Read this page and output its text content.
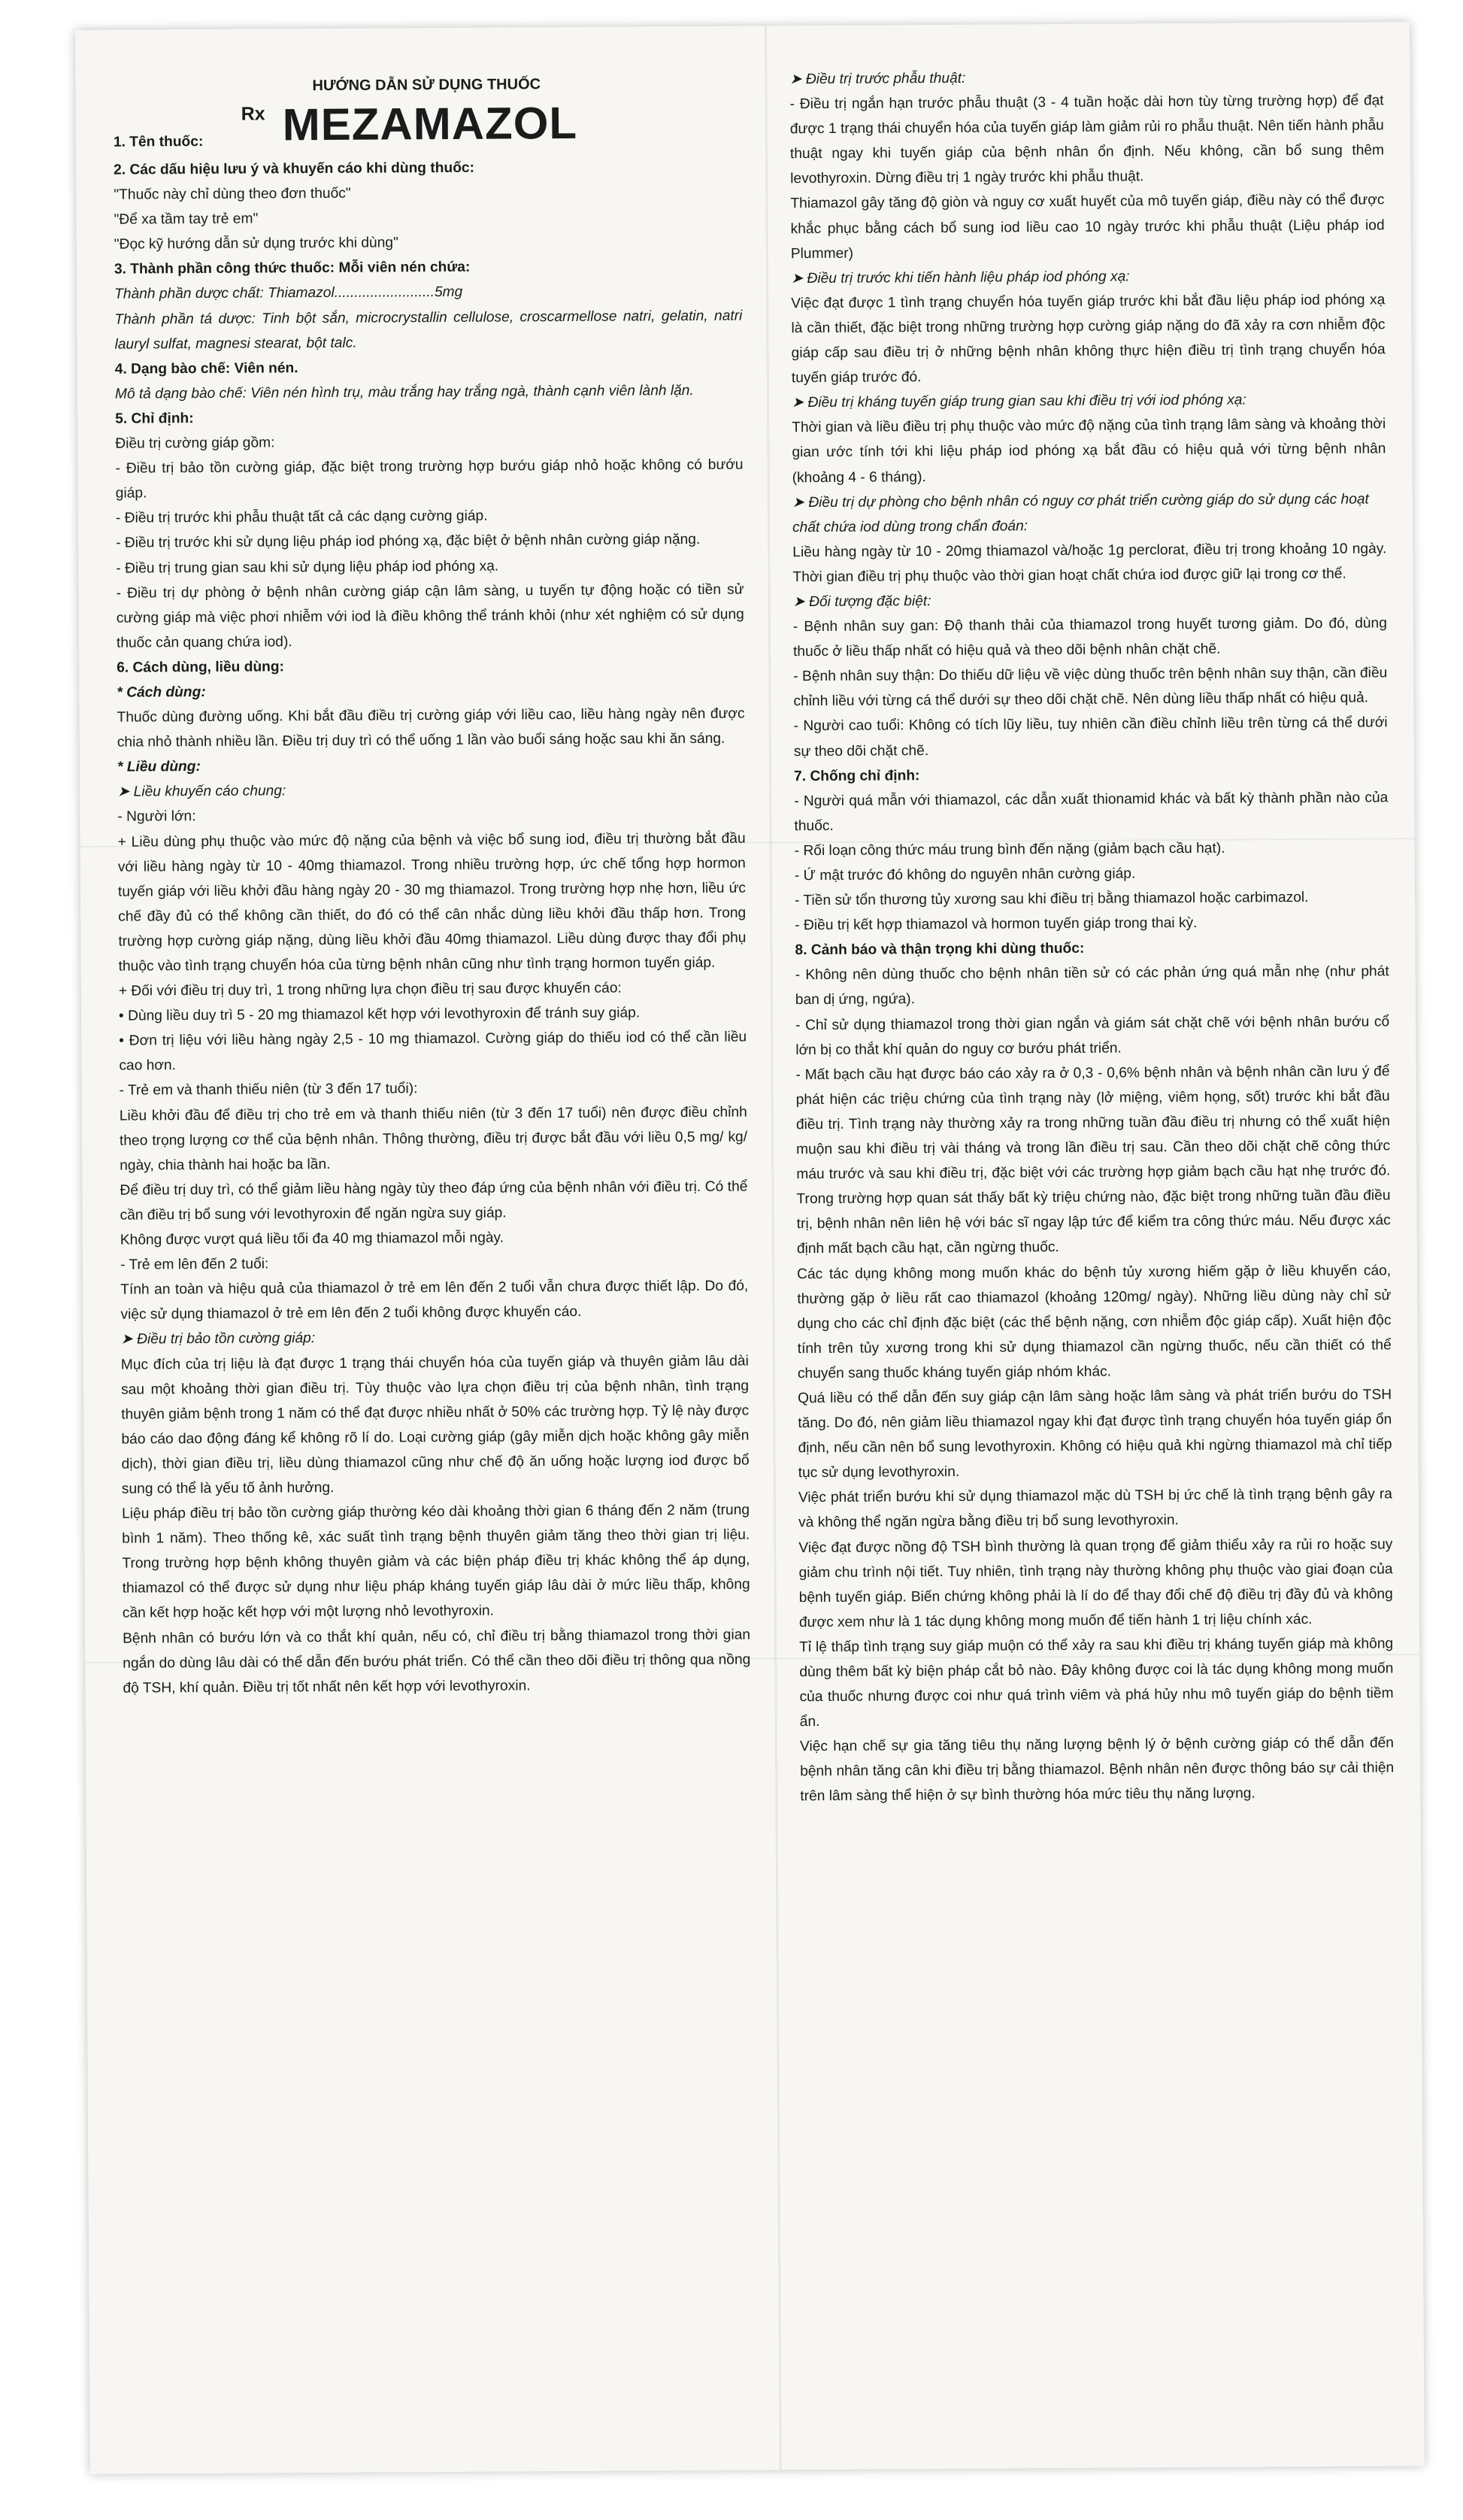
HƯỚNG DẪN SỬ DỤNG THUỐC
Rx
1. Tên thuốc: MEZAMAZOL
2. Các dấu hiệu lưu ý và khuyến cáo khi dùng thuốc:
"Thuốc này chỉ dùng theo đơn thuốc"
"Để xa tầm tay trẻ em"
"Đọc kỹ hướng dẫn sử dụng trước khi dùng"
3. Thành phần công thức thuốc: Mỗi viên nén chứa:
Thành phần dược chất: Thiamazol.........................5mg

Thành phần tá dược: Tinh bột sắn, microcrystallin cellulose, croscarmellose natri, gelatin, natri lauryl sulfat, magnesi stearat, bột talc.

4. Dạng bào chế: Viên nén.

Mô tả dạng bào chế: Viên nén hình trụ, màu trắng hay trắng ngà, thành cạnh viên lành lặn.

5. Chỉ định:
Điều trị cường giáp gồm:

- Điều trị bảo tồn cường giáp, đặc biệt trong trường hợp bướu giáp nhỏ hoặc không có bướu giáp.

- Điều trị trước khi phẫu thuật tất cả các dạng cường giáp.

- Điều trị trước khi sử dụng liệu pháp iod phóng xạ, đặc biệt ở bệnh nhân cường giáp nặng.

- Điều trị trung gian sau khi sử dụng liệu pháp iod phóng xạ.

- Điều trị dự phòng ở bệnh nhân cường giáp cận lâm sàng, u tuyến tự động hoặc có tiền sử cường giáp mà việc phơi nhiễm với iod là điều không thể tránh khỏi (như xét nghiệm có sử dụng thuốc cản quang chứa iod).

6. Cách dùng, liều dùng:
* Cách dùng:

Thuốc dùng đường uống. Khi bắt đầu điều trị cường giáp với liều cao, liều hàng ngày nên được chia nhỏ thành nhiều lần. Điều trị duy trì có thể uống 1 lần vào buổi sáng hoặc sau khi ăn sáng.

* Liều dùng:
➤ Liều khuyến cáo chung:
- Người lớn:

+ Liều dùng phụ thuộc vào mức độ nặng của bệnh và việc bổ sung iod, điều trị thường bắt đầu với liều hàng ngày từ 10 - 40mg thiamazol. Trong nhiều trường hợp, ức chế tổng hợp hormon tuyến giáp với liều khởi đầu hàng ngày 20 - 30 mg thiamazol. Trong trường hợp nhẹ hơn, liều ức chế đầy đủ có thể không cần thiết, do đó có thể cân nhắc dùng liều khởi đầu thấp hơn. Trong trường hợp cường giáp nặng, dùng liều khởi đầu 40mg thiamazol. Liều dùng được thay đổi phụ thuộc vào tình trạng chuyển hóa của từng bệnh nhân cũng như tình trạng hormon tuyến giáp.

+ Đối với điều trị duy trì, 1 trong những lựa chọn điều trị sau được khuyến cáo:

• Dùng liều duy trì 5 - 20 mg thiamazol kết hợp với levothyroxin để tránh suy giáp.

• Đơn trị liệu với liều hàng ngày 2,5 - 10 mg thiamazol. Cường giáp do thiếu iod có thể cần liều cao hơn.

- Trẻ em và thanh thiếu niên (từ 3 đến 17 tuổi):

Liều khởi đầu để điều trị cho trẻ em và thanh thiếu niên (từ 3 đến 17 tuổi) nên được điều chỉnh theo trọng lượng cơ thể của bệnh nhân. Thông thường, điều trị được bắt đầu với liều 0,5 mg/ kg/ ngày, chia thành hai hoặc ba lần.

Để điều trị duy trì, có thể giảm liều hàng ngày tùy theo đáp ứng của bệnh nhân với điều trị. Có thể cần điều trị bổ sung với levothyroxin để ngăn ngừa suy giáp.

Không được vượt quá liều tối đa 40 mg thiamazol mỗi ngày.
- Trẻ em lên đến 2 tuổi:

Tính an toàn và hiệu quả của thiamazol ở trẻ em lên đến 2 tuổi vẫn chưa được thiết lập. Do đó, việc sử dụng thiamazol ở trẻ em lên đến 2 tuổi không được khuyến cáo.

➤ Điều trị bảo tồn cường giáp:

Mục đích của trị liệu là đạt được 1 trạng thái chuyển hóa của tuyến giáp và thuyên giảm lâu dài sau một khoảng thời gian điều trị. Tùy thuộc vào lựa chọn điều trị của bệnh nhân, tình trạng thuyên giảm bệnh trong 1 năm có thể đạt được nhiều nhất ở 50% các trường hợp. Tỷ lệ này được báo cáo dao động đáng kể không rõ lí do. Loại cường giáp (gây miễn dịch hoặc không gây miễn dịch), thời gian điều trị, liều dùng thiamazol cũng như chế độ ăn uống hoặc lượng iod được bổ sung có thể là yếu tố ảnh hưởng.

Liệu pháp điều trị bảo tồn cường giáp thường kéo dài khoảng thời gian 6 tháng đến 2 năm (trung bình 1 năm). Theo thống kê, xác suất tình trạng bệnh thuyên giảm tăng theo thời gian trị liệu. Trong trường hợp bệnh không thuyên giảm và các biện pháp điều trị khác không thể áp dụng, thiamazol có thể được sử dụng như liệu pháp kháng tuyến giáp lâu dài ở mức liều thấp, không cần kết hợp hoặc kết hợp với một lượng nhỏ levothyroxin.

Bệnh nhân có bướu lớn và co thắt khí quản, nếu có, chỉ điều trị bằng thiamazol trong thời gian ngắn do dùng lâu dài có thể dẫn đến bướu phát triển. Có thể cần theo dõi điều trị thông qua nồng độ TSH, khí quản. Điều trị tốt nhất nên kết hợp với levothyroxin.

➤ Điều trị trước phẫu thuật:

- Điều trị ngắn hạn trước phẫu thuật (3 - 4 tuần hoặc dài hơn tùy từng trường hợp) để đạt được 1 trạng thái chuyển hóa của tuyến giáp làm giảm rủi ro phẫu thuật. Nên tiến hành phẫu thuật ngay khi tuyến giáp của bệnh nhân ổn định. Nếu không, cần bổ sung thêm levothyroxin. Dừng điều trị 1 ngày trước khi phẫu thuật.

Thiamazol gây tăng độ giòn và nguy cơ xuất huyết của mô tuyến giáp, điều này có thể được khắc phục bằng cách bổ sung iod liều cao 10 ngày trước khi phẫu thuật (Liệu pháp iod Plummer)

➤ Điều trị trước khi tiến hành liệu pháp iod phóng xạ:

Việc đạt được 1 tình trạng chuyển hóa tuyến giáp trước khi bắt đầu liệu pháp iod phóng xạ là cần thiết, đặc biệt trong những trường hợp cường giáp nặng do đã xảy ra cơn nhiễm độc giáp cấp sau điều trị ở những bệnh nhân không thực hiện điều trị tình trạng chuyển hóa tuyến giáp trước đó.

➤ Điều trị kháng tuyến giáp trung gian sau khi điều trị với iod phóng xạ:

Thời gian và liều điều trị phụ thuộc vào mức độ nặng của tình trạng lâm sàng và khoảng thời gian ước tính tới khi liệu pháp iod phóng xạ bắt đầu có hiệu quả với từng bệnh nhân (khoảng 4 - 6 tháng).

➤ Điều trị dự phòng cho bệnh nhân có nguy cơ phát triển cường giáp do sử dụng các hoạt chất chứa iod dùng trong chẩn đoán:

Liều hàng ngày từ 10 - 20mg thiamazol và/hoặc 1g perclorat, điều trị trong khoảng 10 ngày. Thời gian điều trị phụ thuộc vào thời gian hoạt chất chứa iod được giữ lại trong cơ thể.

➤ Đối tượng đặc biệt:

- Bệnh nhân suy gan: Độ thanh thải của thiamazol trong huyết tương giảm. Do đó, dùng thuốc ở liều thấp nhất có hiệu quả và theo dõi bệnh nhân chặt chẽ.

- Bệnh nhân suy thận: Do thiếu dữ liệu về việc dùng thuốc trên bệnh nhân suy thận, cần điều chỉnh liều với từng cá thể dưới sự theo dõi chặt chẽ. Nên dùng liều thấp nhất có hiệu quả.

- Người cao tuổi: Không có tích lũy liều, tuy nhiên cần điều chỉnh liều trên từng cá thể dưới sự theo dõi chặt chẽ.

7. Chống chỉ định:

- Người quá mẫn với thiamazol, các dẫn xuất thionamid khác và bất kỳ thành phần nào của thuốc.

- Rối loạn công thức máu trung bình đến nặng (giảm bạch cầu hạt).
- Ứ mật trước đó không do nguyên nhân cường giáp.

- Tiền sử tổn thương tủy xương sau khi điều trị bằng thiamazol hoặc carbimazol.

- Điều trị kết hợp thiamazol và hormon tuyến giáp trong thai kỳ.
8. Cảnh báo và thận trọng khi dùng thuốc:

- Không nên dùng thuốc cho bệnh nhân tiền sử có các phản ứng quá mẫn nhẹ (như phát ban dị ứng, ngứa).

- Chỉ sử dụng thiamazol trong thời gian ngắn và giám sát chặt chẽ với bệnh nhân bướu cổ lớn bị co thắt khí quản do nguy cơ bướu phát triển.

- Mất bạch cầu hạt được báo cáo xảy ra ở 0,3 - 0,6% bệnh nhân và bệnh nhân cần lưu ý để phát hiện các triệu chứng của tình trạng này (lở miệng, viêm họng, sốt) trước khi bắt đầu điều trị. Tình trạng này thường xảy ra trong những tuần đầu điều trị nhưng có thể xuất hiện muộn sau khi điều trị vài tháng và trong lần điều trị sau. Cần theo dõi chặt chẽ công thức máu trước và sau khi điều trị, đặc biệt với các trường hợp giảm bạch cầu hạt nhẹ trước đó. Trong trường hợp quan sát thấy bất kỳ triệu chứng nào, đặc biệt trong những tuần đầu điều trị, bệnh nhân nên liên hệ với bác sĩ ngay lập tức để kiểm tra công thức máu. Nếu được xác định mất bạch cầu hạt, cần ngừng thuốc.

Các tác dụng không mong muốn khác do bệnh tủy xương hiếm gặp ở liều khuyến cáo, thường gặp ở liều rất cao thiamazol (khoảng 120mg/ ngày). Những liều dùng này chỉ sử dụng cho các chỉ định đặc biệt (các thể bệnh nặng, cơn nhiễm độc giáp cấp). Xuất hiện độc tính trên tủy xương trong khi sử dụng thiamazol cần ngừng thuốc, nếu cần thiết có thể chuyển sang thuốc kháng tuyến giáp nhóm khác.

Quá liều có thể dẫn đến suy giáp cận lâm sàng hoặc lâm sàng và phát triển bướu do TSH tăng. Do đó, nên giảm liều thiamazol ngay khi đạt được tình trạng chuyển hóa tuyến giáp ổn định, nếu cần nên bổ sung levothyroxin. Không có hiệu quả khi ngừng thiamazol mà chỉ tiếp tục sử dụng levothyroxin.

Việc phát triển bướu khi sử dụng thiamazol mặc dù TSH bị ức chế là tình trạng bệnh gây ra và không thể ngăn ngừa bằng điều trị bổ sung levothyroxin.

Việc đạt được nồng độ TSH bình thường là quan trọng để giảm thiểu xảy ra rủi ro hoặc suy giảm chu trình nội tiết. Tuy nhiên, tình trạng này thường không phụ thuộc vào giai đoạn của bệnh tuyến giáp. Biến chứng không phải là lí do để thay đổi chế độ điều trị đầy đủ và không được xem như là 1 tác dụng không mong muốn để tiến hành 1 trị liệu chính xác.

Tỉ lệ thấp tình trạng suy giáp muộn có thể xảy ra sau khi điều trị kháng tuyến giáp mà không dùng thêm bất kỳ biện pháp cắt bỏ nào. Đây không được coi là tác dụng không mong muốn của thuốc nhưng được coi như quá trình viêm và phá hủy nhu mô tuyến giáp do bệnh tiềm ẩn.

Việc hạn chế sự gia tăng tiêu thụ năng lượng bệnh lý ở bệnh cường giáp có thể dẫn đến bệnh nhân tăng cân khi điều trị bằng thiamazol. Bệnh nhân nên được thông báo sự cải thiện trên lâm sàng thể hiện ở sự bình thường hóa mức tiêu thụ năng lượng.
